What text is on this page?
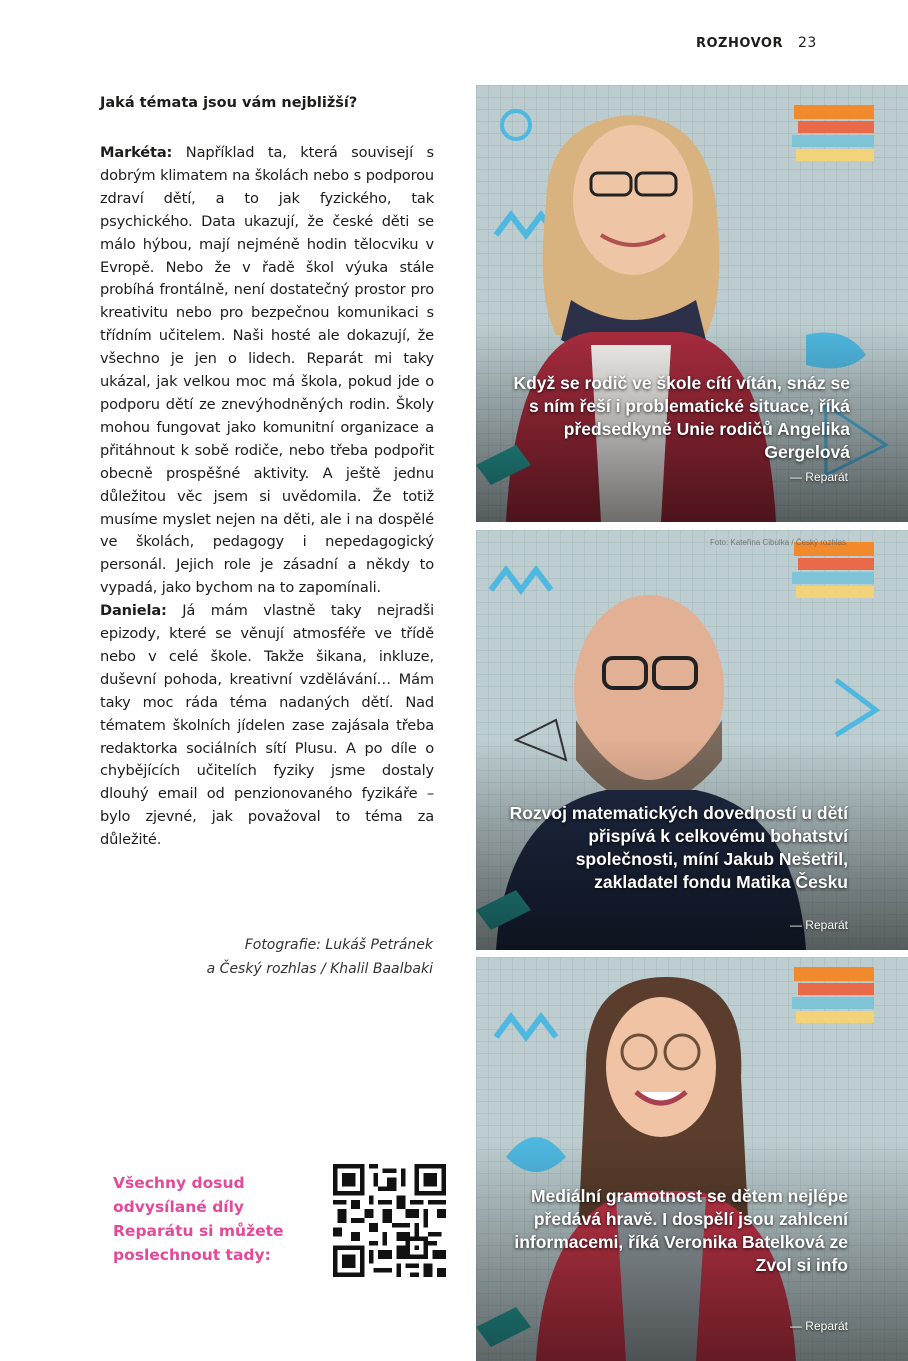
ROZHOVOR 23
Jaká témata jsou vám nejbližší?

Markéta: Například ta, která souvisejí s dobrým klimatem na školách nebo s podporou zdraví dětí, a to jak fyzického, tak psychického. Data ukazují, že české děti se málo hýbou, mají nejméně hodin tělocviku v Evropě. Nebo že v řadě škol výuka stále probíhá frontálně, není dostatečný prostor pro kreativitu nebo pro bezpečnou komunikaci s třídním učitelem. Naši hosté ale dokazují, že všechno je jen o lidech. Reparát mi taky ukázal, jak velkou moc má škola, pokud jde o podporu dětí ze znevýhodněných rodin. Školy mohou fungovat jako komunitní organizace a přitáhnout k sobě rodiče, nebo třeba podpořit obecně prospěšné aktivity. A ještě jednu důležitou věc jsem si uvědomila. Že totiž musíme myslet nejen na děti, ale i na dospělé ve školách, pedagogy i nepedagogický personál. Jejich role je zásadní a někdy to vypadá, jako bychom na to zapomínali.

Daniela: Já mám vlastně taky nejradši epizody, které se věnují atmosféře ve třídě nebo v celé škole. Takže šikana, inkluze, duševní pohoda, kreativní vzdělávání… Mám taky moc ráda téma nadaných dětí. Nad tématem školních jídelen zase zajásala třeba redaktorka sociálních sítí Plusu. A po díle o chybějících učitelích fyziky jsme dostaly dlouhý email od penzionovaného fyzikáře – bylo zjevné, jak považoval to téma za důležité.

Fotografie: Lukáš Petránek
a Český rozhlas / Khalil Baalbaki
Všechny dosud odvysílané díly Reparátu si můžete poslechnout tady:
Když se rodič ve škole cítí vítán, snáz se s ním řeší i problematické situace, říká předsedkyně Unie rodičů Angelika Gergelová
— Reparát
Foto: Kateřina Cibulka / Český rozhlas
Rozvoj matematických dovedností u dětí přispívá k celkovému bohatství společnosti, míní Jakub Nešetřil, zakladatel fondu Matika Česku
— Reparát
Mediální gramotnost se dětem nejlépe předává hravě. I dospělí jsou zahlcení informacemi, říká Veronika Batelková ze Zvol si info
— Reparát
